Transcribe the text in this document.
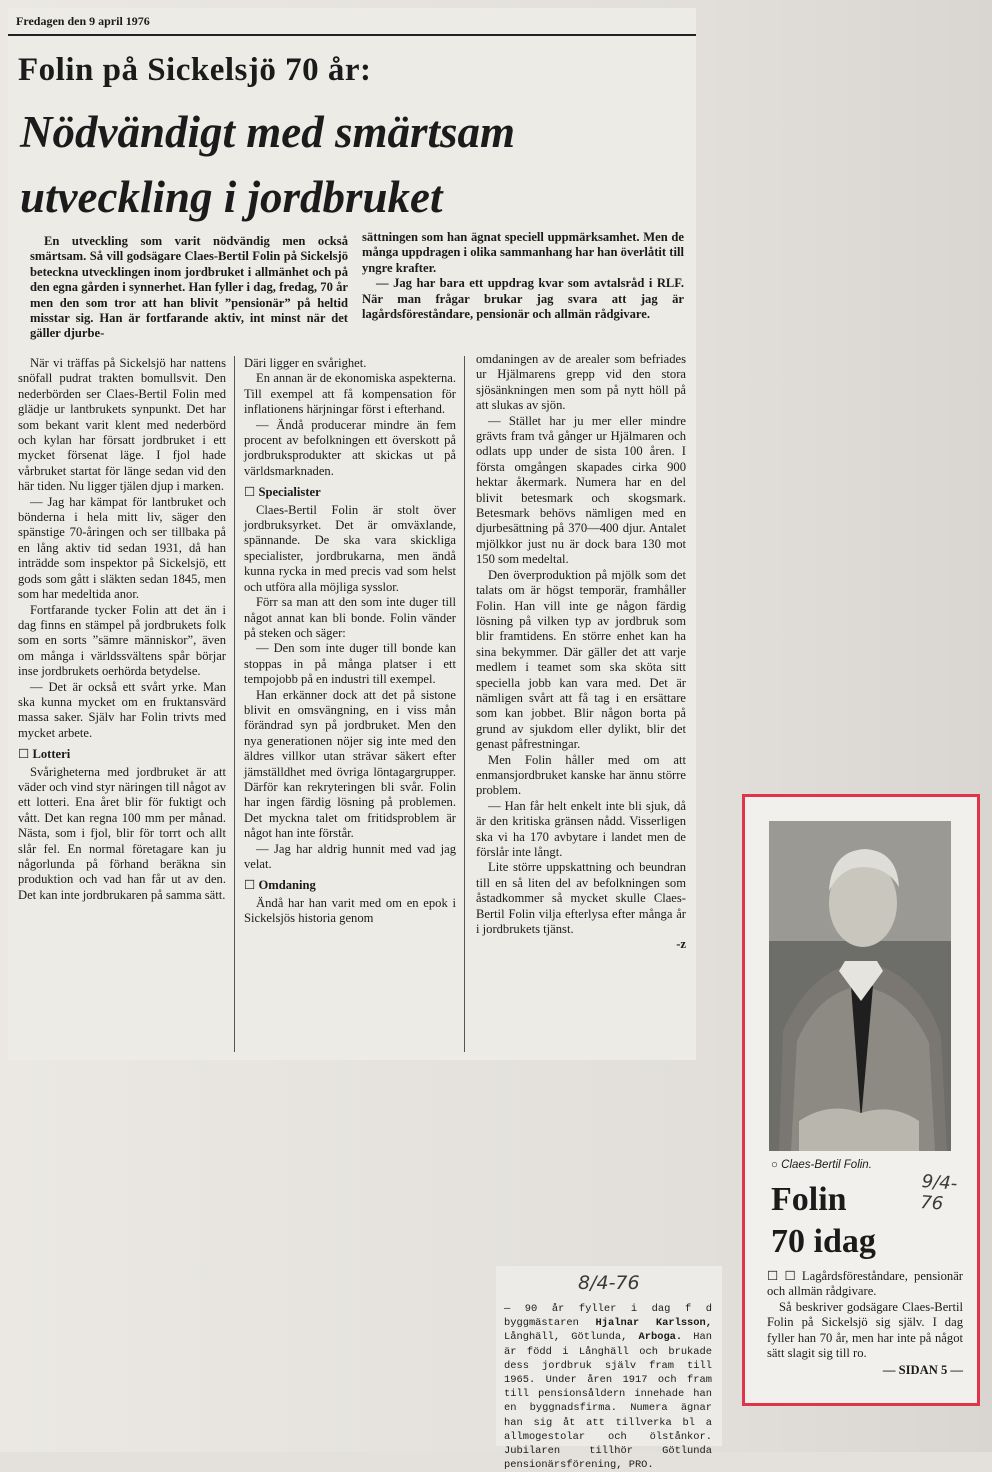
Fredagen den 9 april 1976
Folin på Sickelsjö 70 år:
Nödvändigt med smärtsam
utveckling i jordbruket

En utveckling som varit nödvändig men också smärtsam. Så vill godsägare Claes-Bertil Folin på Sickelsjö beteckna utvecklingen inom jordbruket i allmänhet och på den egna gården i synnerhet. Han fyller i dag, fredag, 70 år men den som tror att han blivit ”pensionär” på heltid misstar sig. Han är fortfarande aktiv, int minst när det gäller djurbe-

sättningen som han ägnat speciell uppmärksamhet. Men de många uppdragen i olika sammanhang har han överlåtit till yngre krafter.

— Jag har bara ett uppdrag kvar som avtalsråd i RLF. När man frågar brukar jag svara att jag är lagårdsföreståndare, pensionär och allmän rådgivare.

När vi träffas på Sickelsjö har nattens snöfall pudrat trakten bomullsvit. Den nederbörden ser Claes-Bertil Folin med glädje ur lantbrukets synpunkt. Det har som bekant varit klent med nederbörd och kylan har försatt jordbruket i ett mycket försenat läge. I fjol hade vårbruket startat för länge sedan vid den här tiden. Nu ligger tjälen djup i marken.

— Jag har kämpat för lantbruket och bönderna i hela mitt liv, säger den spänstige 70-åringen och ser tillbaka på en lång aktiv tid sedan 1931, då han inträdde som inspektor på Sickelsjö, ett gods som gått i släkten sedan 1845, men som har medeltida anor.

Fortfarande tycker Folin att det än i dag finns en stämpel på jordbrukets folk som en sorts ”sämre människor”, även om många i världssvältens spår börjar inse jordbrukets oerhörda betydelse.

— Det är också ett svårt yrke. Man ska kunna mycket om en fruktansvärd massa saker. Själv har Folin trivts med mycket arbete.

☐ Lotteri

Svårigheterna med jordbruket är att väder och vind styr näringen till något av ett lotteri. Ena året blir för fuktigt och vått. Det kan regna 100 mm per månad. Nästa, som i fjol, blir för torrt och allt slår fel. En normal företagare kan ju någorlunda på förhand beräkna sin produktion och vad han får ut av den. Det kan inte jordbrukaren på samma sätt.

Däri ligger en svårighet.

En annan är de ekonomiska aspekterna. Till exempel att få kompensation för inflationens härjningar först i efterhand.

— Ändå producerar mindre än fem procent av befolkningen ett överskott på jordbruksprodukter att skickas ut på världsmarknaden.

☐ Specialister

Claes-Bertil Folin är stolt över jordbruksyrket. Det är omväxlande, spännande. De ska vara skickliga specialister, jordbrukarna, men ändå kunna rycka in med precis vad som helst och utföra alla möjliga sysslor.

Förr sa man att den som inte duger till något annat kan bli bonde. Folin vänder på steken och säger:

— Den som inte duger till bonde kan stoppas in på många platser i ett tempojobb på en industri till exempel.

Han erkänner dock att det på sistone blivit en omsvängning, en i viss mån förändrad syn på jordbruket. Men den nya generationen nöjer sig inte med den äldres villkor utan strävar säkert efter jämställdhet med övriga löntagargrupper. Därför kan rekryteringen bli svår. Folin har ingen färdig lösning på problemen. Det myckna talet om fritidsproblem är något han inte förstår.

— Jag har aldrig hunnit med vad jag velat.

☐ Omdaning

Ändå har han varit med om en epok i Sickelsjös historia genom

omdaningen av de arealer som befriades ur Hjälmarens grepp vid den stora sjösänkningen men som på nytt höll på att slukas av sjön.

— Stället har ju mer eller mindre grävts fram två gånger ur Hjälmaren och odlats upp under de sista 100 åren. I första omgången skapades cirka 900 hektar åkermark. Numera har en del blivit betesmark och skogsmark. Betesmark behövs nämligen med en djurbesättning på 370—400 djur. Antalet mjölkkor just nu är dock bara 130 mot 150 som medeltal.

Den överproduktion på mjölk som det talats om är högst temporär, framhåller Folin. Han vill inte ge någon färdig lösning på vilken typ av jordbruk som blir framtidens. En större enhet kan ha sina bekymmer. Där gäller det att varje medlem i teamet som ska sköta sitt speciella jobb kan vara med. Det är nämligen svårt att få tag i en ersättare som kan jobbet. Blir någon borta på grund av sjukdom eller dylikt, blir det genast påfrestningar.

Men Folin håller med om att enmansjordbruket kanske har ännu större problem.

— Han får helt enkelt inte bli sjuk, då är den kritiska gränsen nådd. Visserligen ska vi ha 170 avbytare i landet men de förslår inte långt.

Lite större uppskattning och beundran till en så liten del av befolkningen som åstadkommer så mycket skulle Claes-Bertil Folin vilja efterlysa efter många år i jordbrukets tjänst.

-z
○ Claes-Bertil Folin.
9/4-76
Folin
70 idag

☐ ☐ Lagårdsföreståndare, pensionär och allmän rådgivare.

Så beskriver godsägare Claes-Bertil Folin på Sickelsjö sig själv. I dag fyller han 70 år, men har inte på något sätt slagit sig till ro.

— SIDAN 5 —
8/4-76
— 90 år fyller i dag f d byggmästaren Hjalnar Karlsson, Långhäll, Götlunda, Arboga. Han är född i Långhäll och brukade dess jordbruk själv fram till 1965. Under åren 1917 och fram till pensionsåldern innehade han en byggnadsfirma. Numera ägnar han sig åt att tillverka bl a allmogestolar och ölstånkor. Jubilaren tillhör Götlunda pensionärsförening, PRO.
